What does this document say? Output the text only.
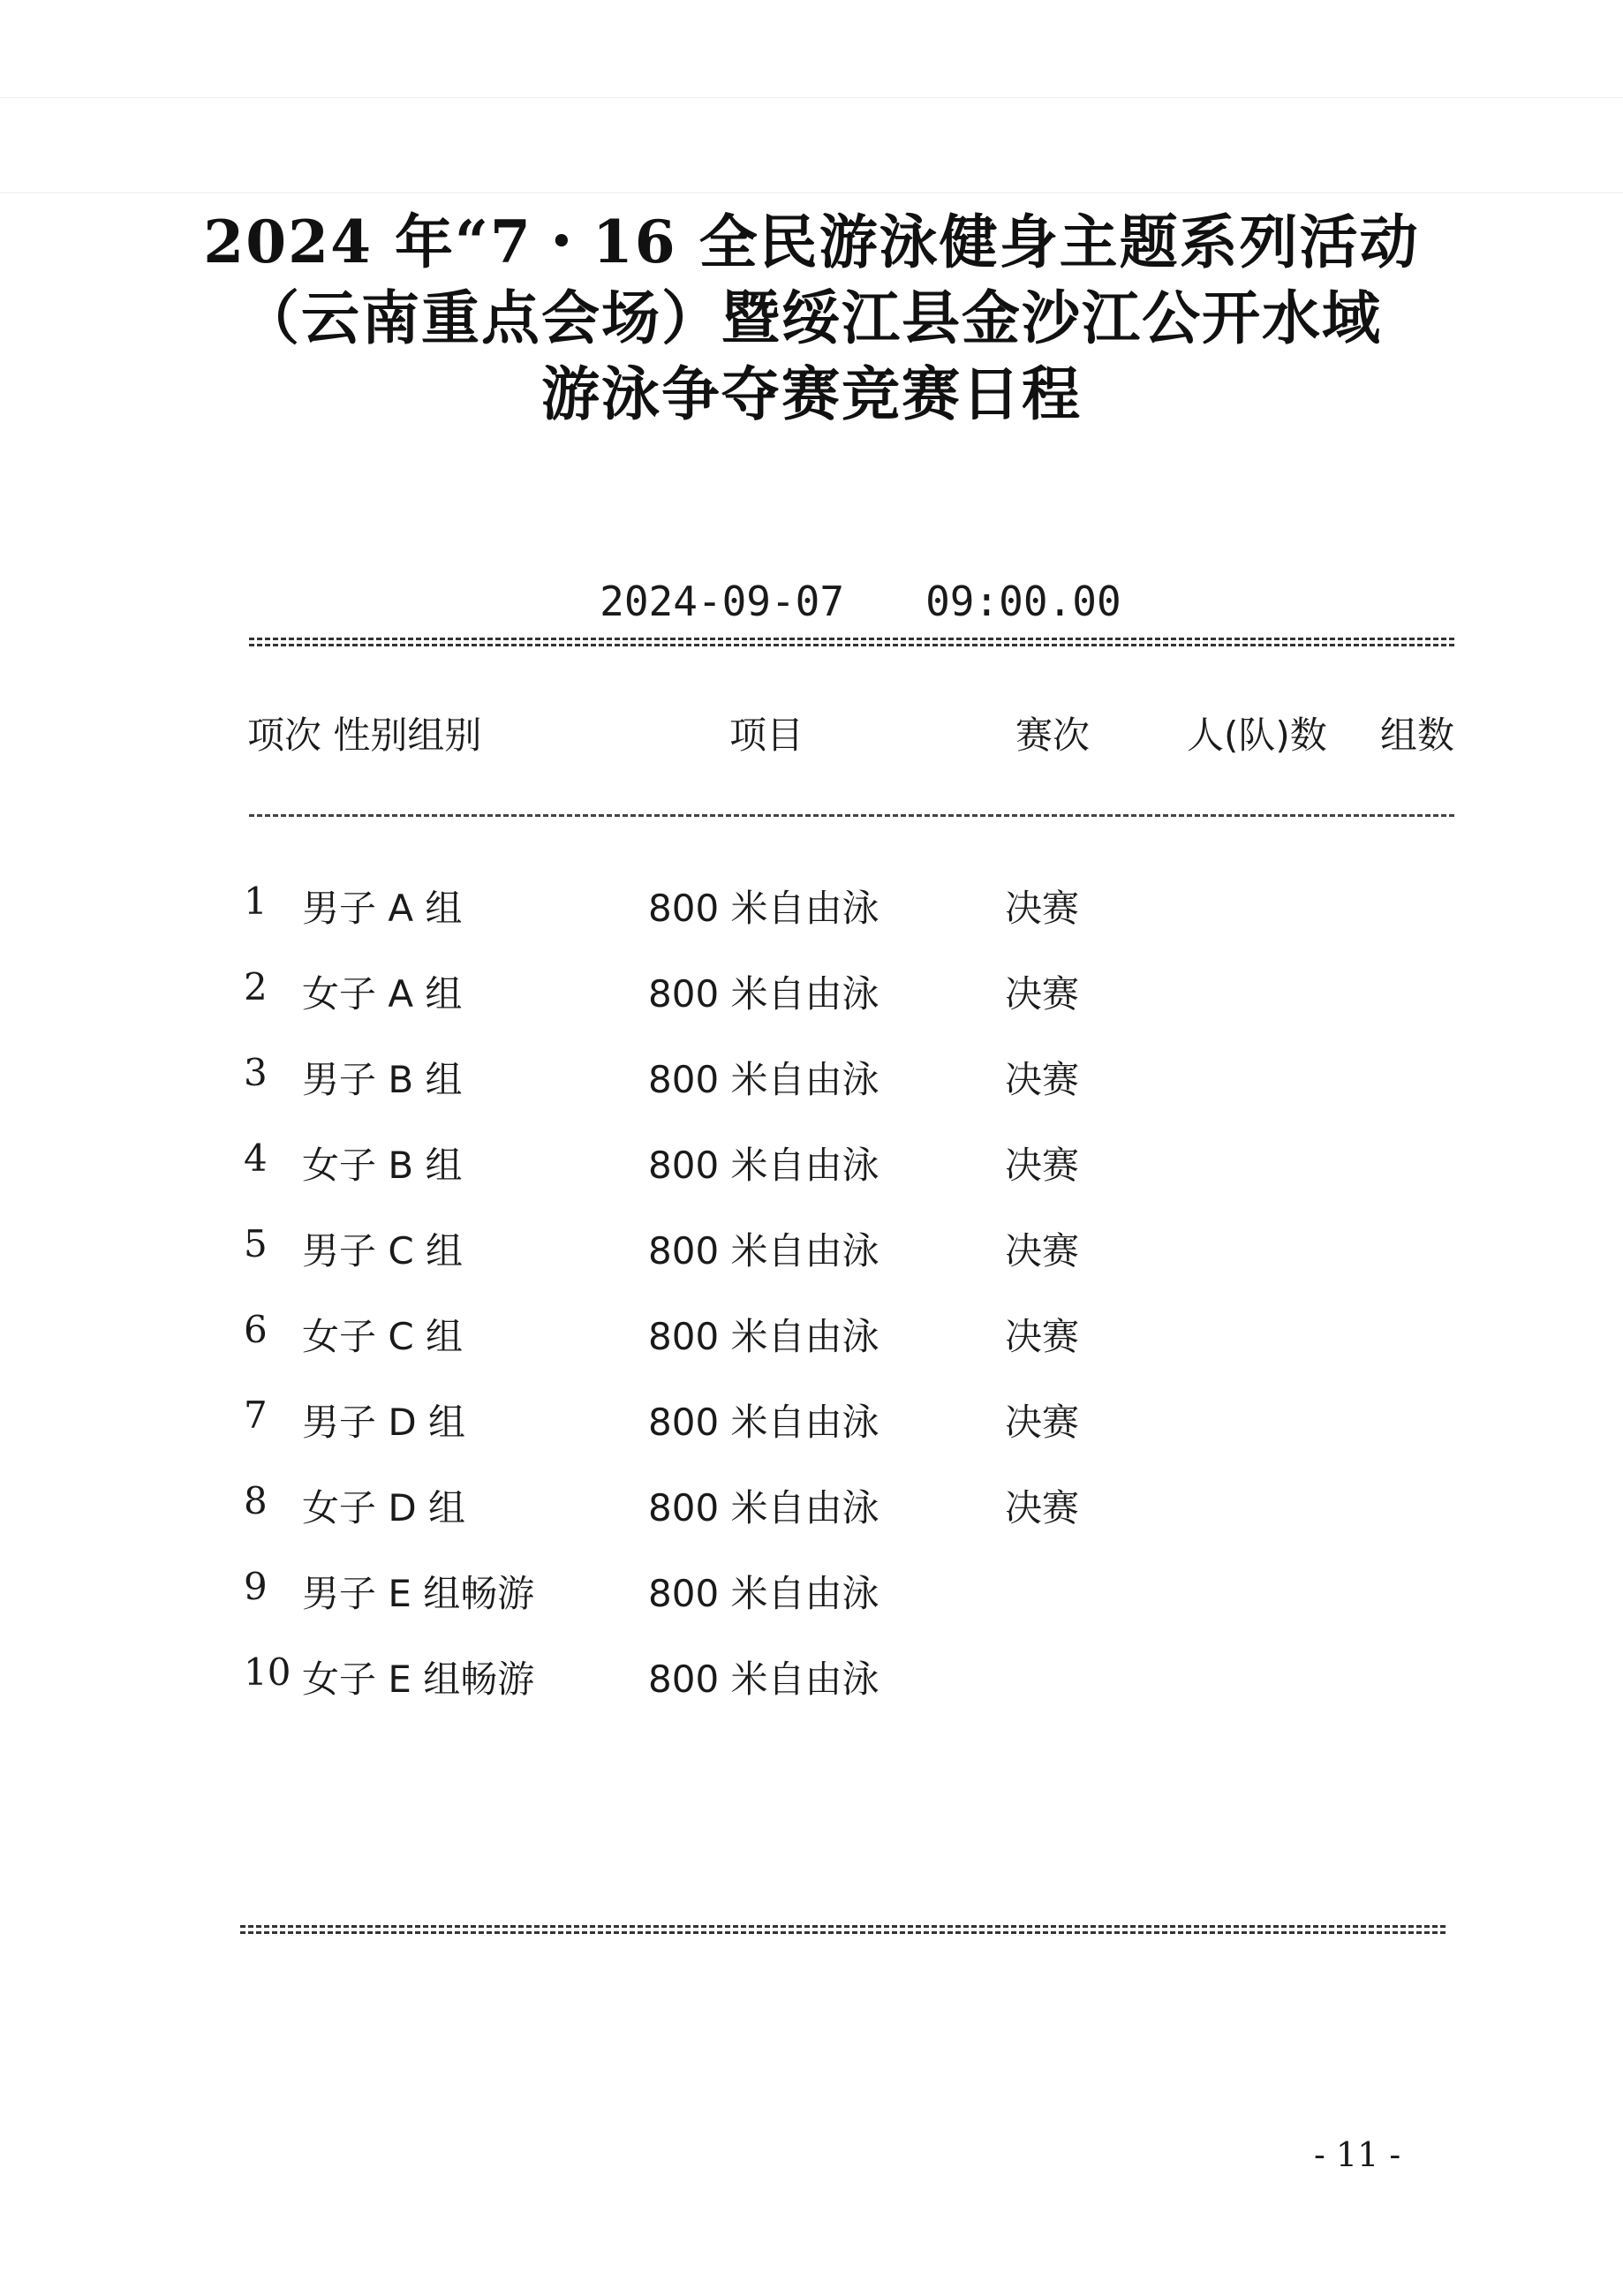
2024 年“7・16 全民游泳健身主题系列活动
（云南重点会场）暨绥江县金沙江公开水域
游泳争夺赛竞赛日程

2024-09-07 09:00.00

项次 性别组别	项目	赛次	人(队)数 组数
1 男子 A 组	800 米自由泳	决赛
2 女子 A 组	800 米自由泳	决赛
3 男子 B 组	800 米自由泳	决赛
4 女子 B 组	800 米自由泳	决赛
5 男子 C 组	800 米自由泳	决赛
6 女子 C 组	800 米自由泳	决赛
7 男子 D 组	800 米自由泳	决赛
8 女子 D 组	800 米自由泳	决赛
9 男子 E 组畅游	800 米自由泳
10 女子 E 组畅游	800 米自由泳
- 11 -
